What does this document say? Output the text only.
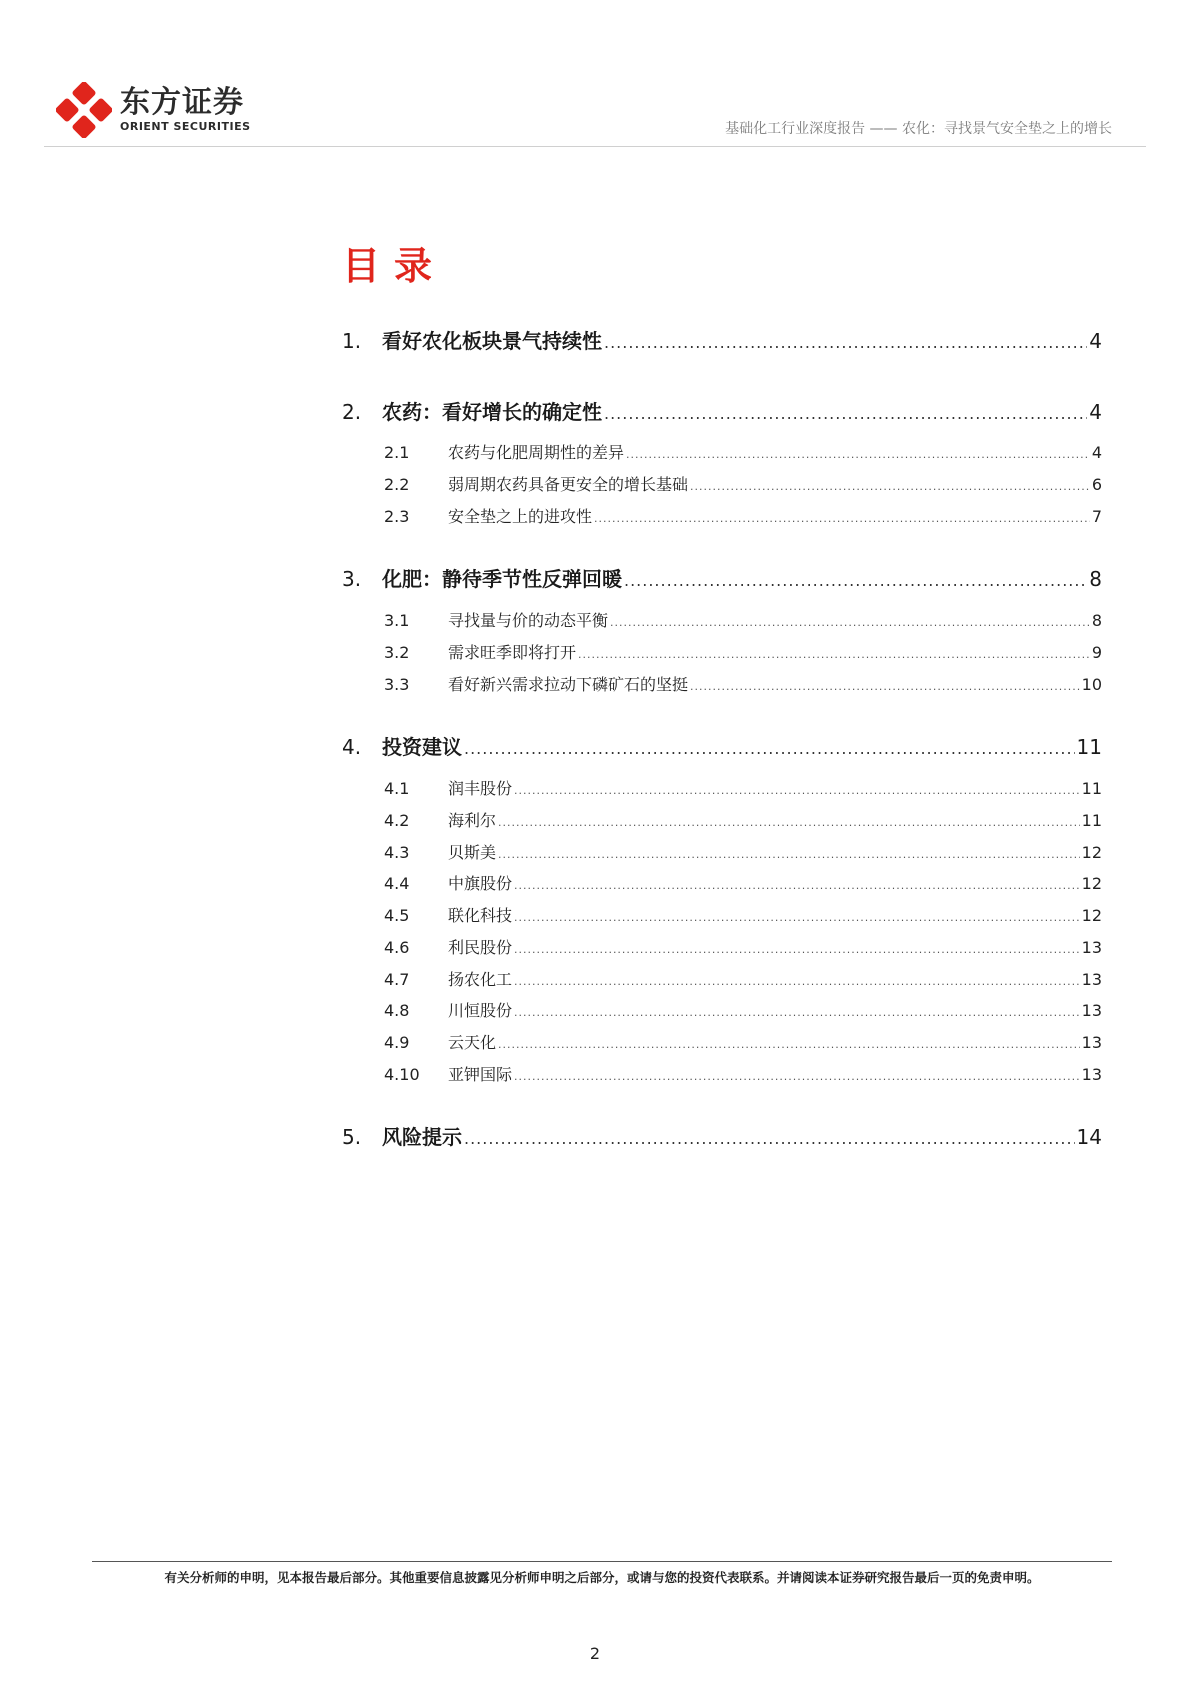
东方证券
ORIENT SECURITIES	基础化工行业深度报告 —— 农化：寻找景气安全垫之上的增长
目录
1.	看好农化板块景气持续性 .....	4
2.	农药：看好增长的确定性 .....	4
2.1	农药与化肥周期性的差异 .....	4
2.2	弱周期农药具备更安全的增长基础 .....	6
2.3	安全垫之上的进攻性 .....	7
3.	化肥：静待季节性反弹回暖 .....	8
3.1	寻找量与价的动态平衡 .....	8
3.2	需求旺季即将打开 .....	9
3.3	看好新兴需求拉动下磷矿石的坚挺 .....	10
4.	投资建议 .....	11
4.1	润丰股份 .....	11
4.2	海利尔 .....	11
4.3	贝斯美 .....	12
4.4	中旗股份 .....	12
4.5	联化科技 .....	12
4.6	利民股份 .....	13
4.7	扬农化工 .....	13
4.8	川恒股份 .....	13
4.9	云天化 .....	13
4.10	亚钾国际 .....	13
5.	风险提示 .....	14
有关分析师的申明，见本报告最后部分。其他重要信息披露见分析师申明之后部分，或请与您的投资代表联系。并请阅读本证券研究报告最后一页的免责申明。
2
